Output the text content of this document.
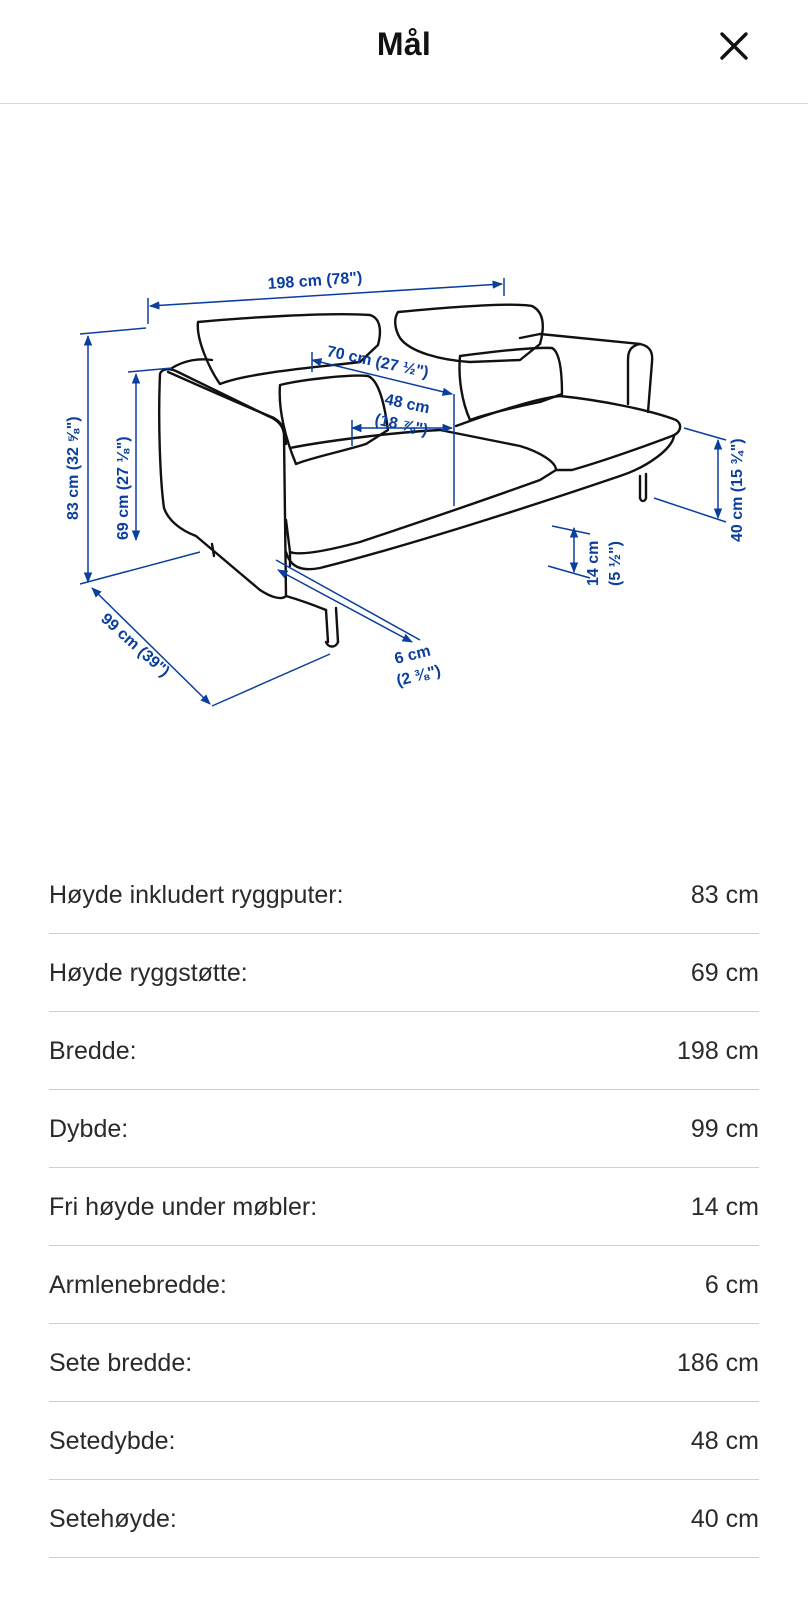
Mål
198 cm (78")
70 cm (27 ½")
48 cm
(18 ⅞")
83 cm (32 ⅝") 69 cm (27 ⅛")
99 cm (39")	6 cm
(2 ⅜")
14 cm (5 ½")
40 cm (15 ¾")
Høyde inkludert ryggputer:	83 cm
Høyde ryggstøtte:	69 cm
Bredde:	198 cm
Dybde:	99 cm
Fri høyde under møbler:	14 cm
Armlenebredde:	6 cm
Sete bredde:	186 cm
Setedybde:	48 cm
Setehøyde:	40 cm
